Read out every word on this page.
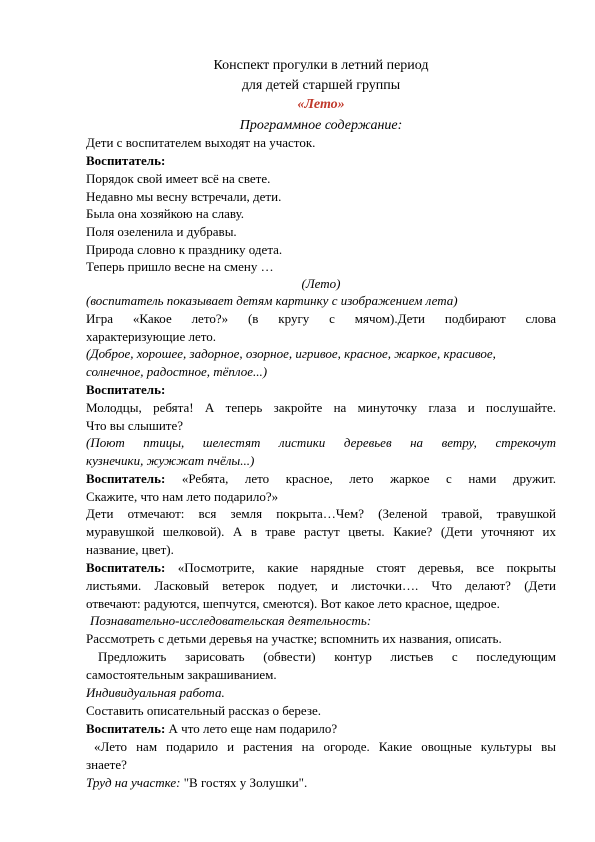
Конспект прогулки в летний период
для детей старшей группы
«Лето»
Программное содержание:
Дети с воспитателем выходят на участок.
Воспитатель:
Порядок свой имеет всё на свете.
Недавно мы весну встречали, дети.
Была она хозяйкою на славу.
Поля озеленила и дубравы.
Природа словно к празднику одета.
Теперь пришло весне на смену …
(Лето)
(воспитатель показывает детям картинку с изображением лета)
Игра «Какое лето?» (в кругу с мячом).Дети подбирают слова
характеризующие лето.
(Доброе, хорошее, задорное, озорное, игривое, красное, жаркое, красивое,
солнечное, радостное, тёплое...)
Воспитатель:
Молодцы, ребята! А теперь закройте на минуточку глаза и послушайте.
Что вы слышите?
(Поют птицы, шелестят листики деревьев на ветру, стрекочут
кузнечики, жужжат пчёлы...)
Воспитатель: «Ребята, лето красное, лето жаркое с нами дружит.
Скажите, что нам лето подарило?»
Дети отмечают: вся земля покрыта…Чем? (Зеленой травой, травушкой
муравушкой шелковой). А в траве растут цветы. Какие? (Дети уточняют их
название, цвет).
Воспитатель: «Посмотрите, какие нарядные стоят деревья, все покрыты
листьями. Ласковый ветерок подует, и листочки…. Что делают? (Дети
отвечают: радуются, шепчутся, смеются). Вот какое лето красное, щедрое.
Познавательно-исследовательская деятельность:
Рассмотреть с детьми деревья на участке; вспомнить их названия, описать.
Предложить зарисовать (обвести) контур листьев с последующим
самостоятельным закрашиванием.
Индивидуальная работа.
Составить описательный рассказ о березе.
Воспитатель: А что лето еще нам подарило?
«Лето нам подарило и растения на огороде. Какие овощные культуры вы
знаете?
Труд на участке: "В гостях у Золушки".
